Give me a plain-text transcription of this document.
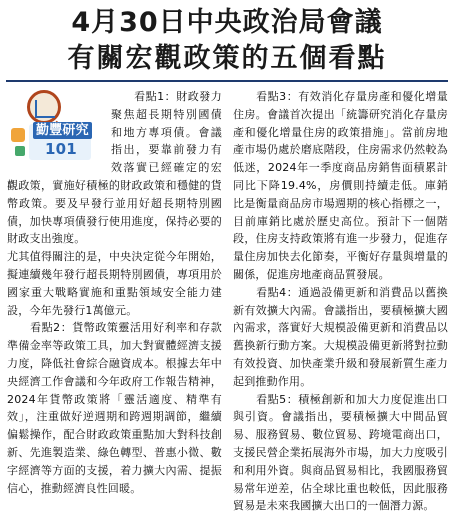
4月30日中央政治局會議
有關宏觀政策的五個看點
勤豐研究
101

　　看點1：財政發力聚焦超長期特別國債和地方專項債。會議指出，要靠前發力有效落實已經確定的宏觀政策，實施好積極的財政政策和穩健的貨幣政策。要及早發行並用好超長期特別國債，加快專項債發行使用進度，保持必要的財政支出強度。

尤其值得關注的是，中央決定從今年開始，擬連續幾年發行超長期特別國債，專項用於國家重大戰略實施和重點領域安全能力建設，今年先發行1萬億元。

　　看點2：貨幣政策靈活用好利率和存款準備金率等政策工具，加大對實體經濟支援力度，降低社會綜合融資成本。根據去年中央經濟工作會議和今年政府工作報告精神，2024年貨幣政策將「靈活適度、精準有效」，注重做好逆週期和跨週期調節，繼續偏鬆操作，配合財政政策重點加大對科技創新、先進製造業、綠色轉型、普惠小微、數字經濟等方面的支援，着力擴大內需、提振信心，推動經濟良性回暖。

　　看點3：有效消化存量房產和優化增量住房。會議首次提出「統籌研究消化存量房產和優化增量住房的政策措施」。當前房地產市場仍處於磨底階段，住房需求仍然較為低迷，2024年一季度商品房銷售面積累計同比下降19.4%，房價則持續走低。庫銷比是衡量商品房市場週期的核心指標之一，目前庫銷比處於歷史高位。預計下一個階段，住房支持政策將有進一步發力，促進存量住房加快去化節奏，平衡好存量與增量的關係，促進房地產商品質發展。

　　看點4：通過設備更新和消費品以舊換新有效擴大內需。會議指出，要積極擴大國內需求，落實好大規模設備更新和消費品以舊換新行動方案。大規模設備更新將對拉動有效投資、加快產業升級和發展新質生產力起到推動作用。

　　看點5：積極創新和加大力度促進出口與引資。會議指出，要積極擴大中間品貿易、服務貿易、數位貿易、跨境電商出口，支援民營企業拓展海外市場，加大力度吸引和利用外資。與商品貿易相比，我國服務貿易常年逆差，佔全球比重也較低，因此服務貿易是未來我國擴大出口的一個潛力源。
